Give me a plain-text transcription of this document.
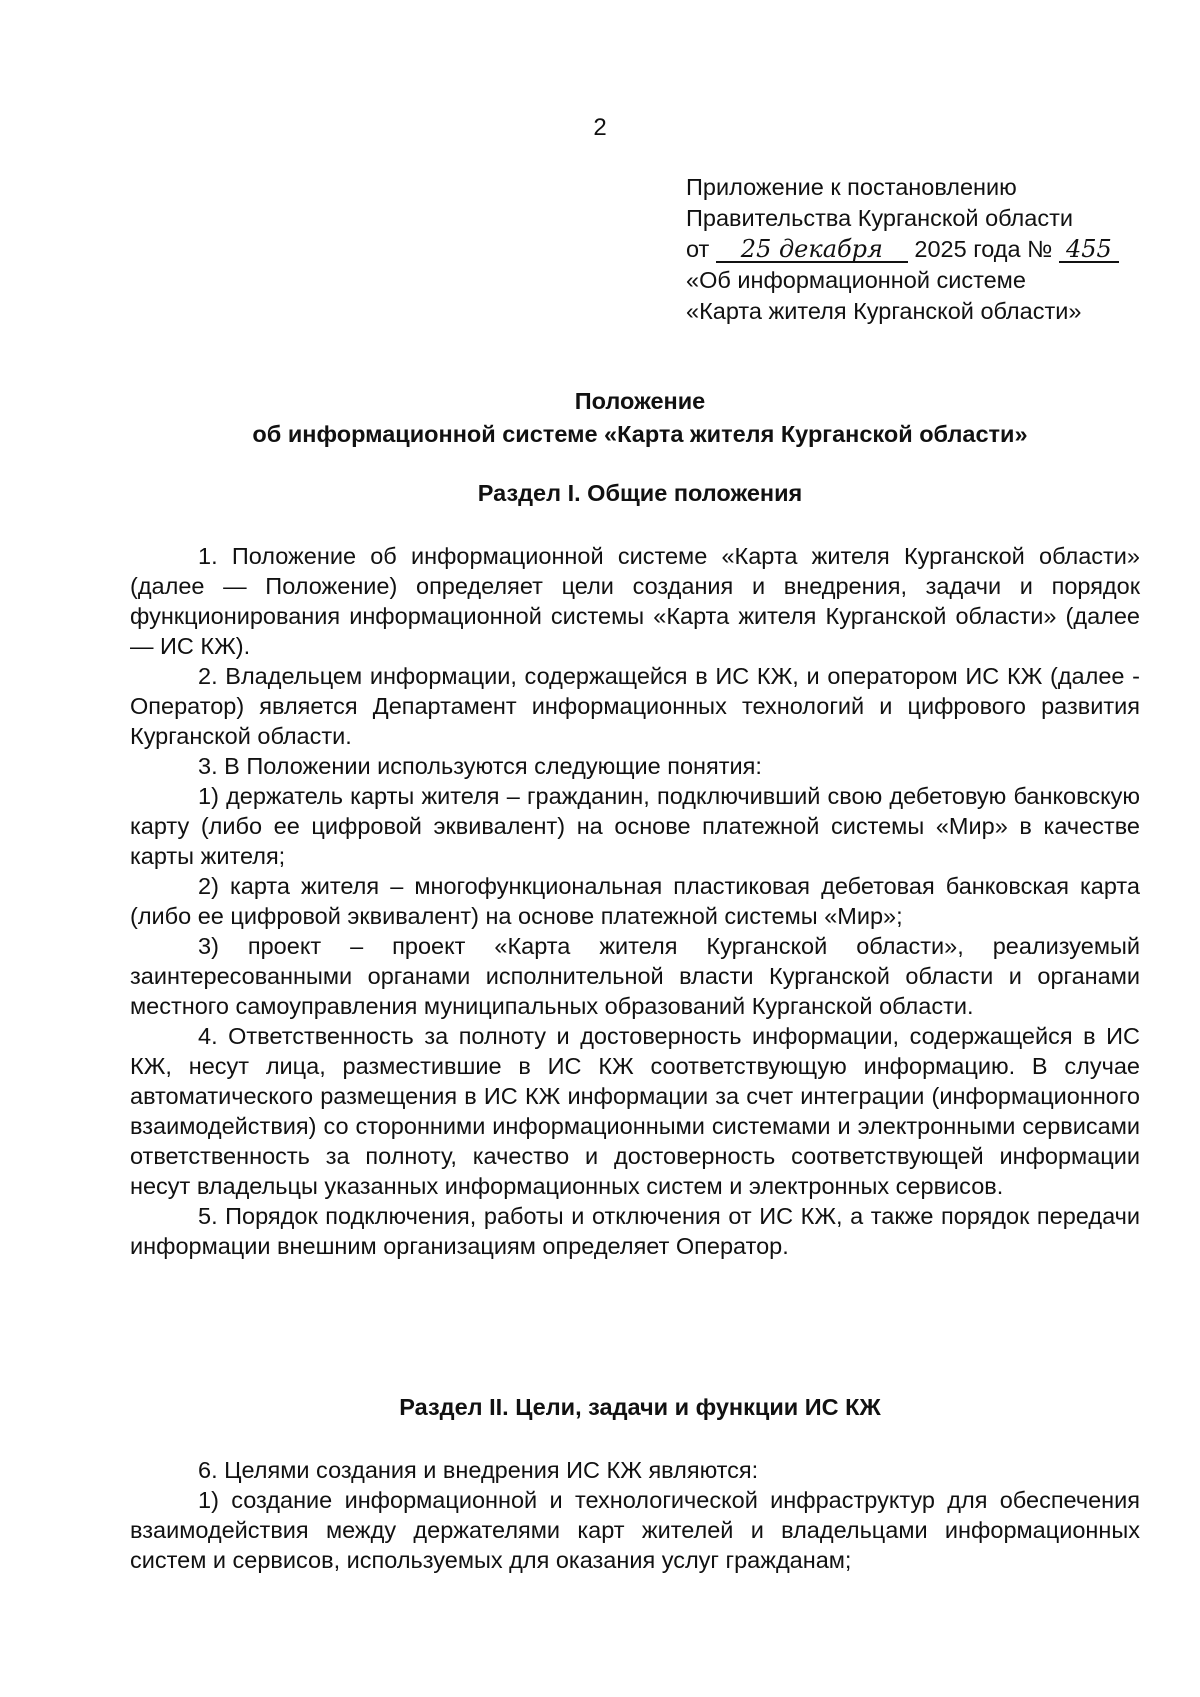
2
Приложение к постановлению
Правительства Курганской области
от 25 декабря 2025 года № 455
«Об информационной системе
«Карта жителя Курганской области»
Положение
об информационной системе «Карта жителя Курганской области»
Раздел I. Общие положения

1. Положение об информационной системе «Карта жителя Курганской области» (далее — Положение) определяет цели создания и внедрения, задачи и порядок функционирования информационной системы «Карта жителя Курганской области» (далее — ИС КЖ).

2. Владельцем информации, содержащейся в ИС КЖ, и оператором ИС КЖ (далее - Оператор) является Департамент информационных технологий и цифрового развития Курганской области.

3. В Положении используются следующие понятия:

1) держатель карты жителя – гражданин, подключивший свою дебетовую банковскую карту (либо ее цифровой эквивалент) на основе платежной системы «Мир» в качестве карты жителя;

2) карта жителя – многофункциональная пластиковая дебетовая банковская карта (либо ее цифровой эквивалент) на основе платежной системы «Мир»;

3) проект – проект «Карта жителя Курганской области», реализуемый заинтересованными органами исполнительной власти Курганской области и органами местного самоуправления муниципальных образований Курганской области.

4. Ответственность за полноту и достоверность информации, содержащейся в ИС КЖ, несут лица, разместившие в ИС КЖ соответствующую информацию. В случае автоматического размещения в ИС КЖ информации за счет интеграции (информационного взаимодействия) со сторонними информационными системами и электронными сервисами ответственность за полноту, качество и достоверность соответствующей информации несут владельцы указанных информационных систем и электронных сервисов.

5. Порядок подключения, работы и отключения от ИС КЖ, а также порядок передачи информации внешним организациям определяет Оператор.

Раздел II. Цели, задачи и функции ИС КЖ

6. Целями создания и внедрения ИС КЖ являются:

1) создание информационной и технологической инфраструктур для обеспечения взаимодействия между держателями карт жителей и владельцами информационных систем и сервисов, используемых для оказания услуг гражданам;
